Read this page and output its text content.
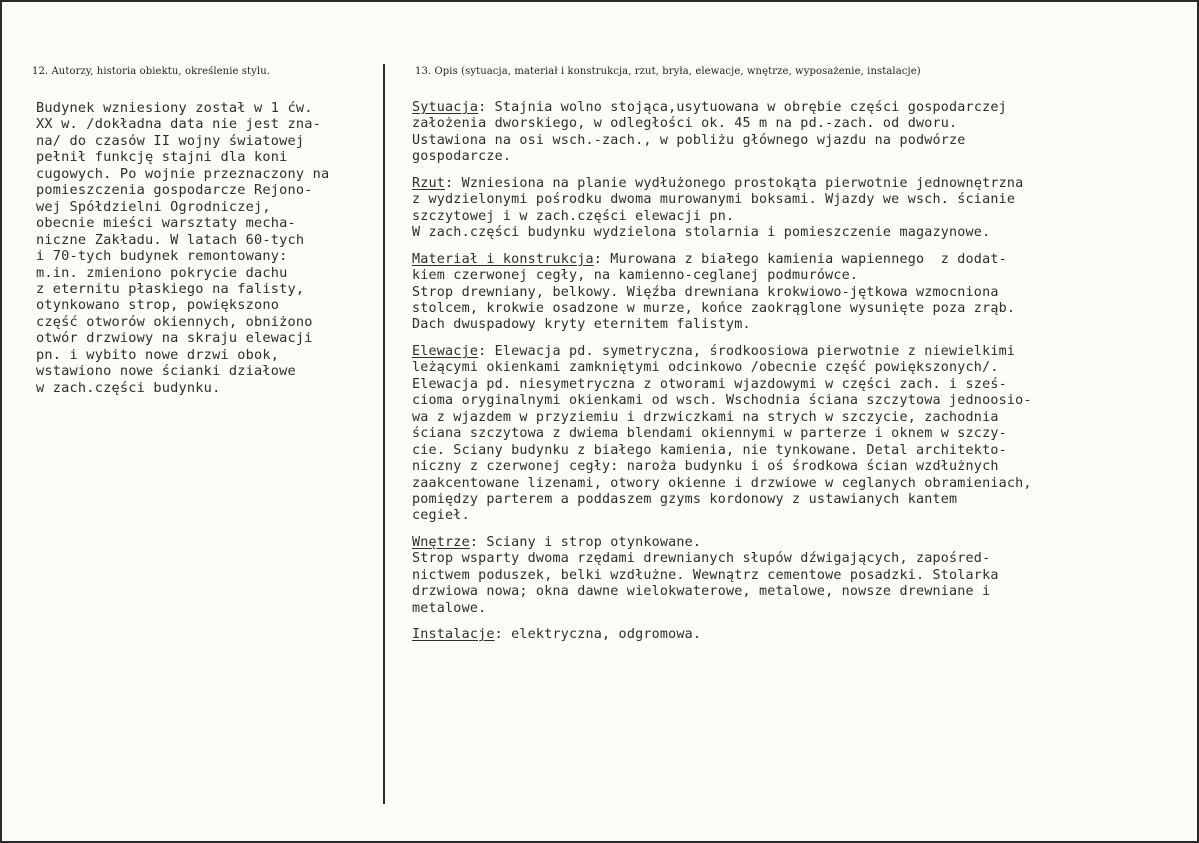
12. Autorzy, historia obiektu, określenie stylu.	13. Opis (sytuacja, materiał i konstrukcja, rzut, bryła, elewacje, wnętrze, wyposażenie, instalacje)
Budynek wzniesiony został w 1 ćw.
XX w. /dokładna data nie jest zna-
na/ do czasów II wojny światowej
pełnił funkcję stajni dla koni
cugowych. Po wojnie przeznaczony na
pomieszczenia gospodarcze Rejono-
wej Spółdzielni Ogrodniczej,
obecnie mieści warsztaty mecha-
niczne Zakładu. W latach 60-tych
i 70-tych budynek remontowany:
m.in. zmieniono pokrycie dachu
z eternitu płaskiego na falisty,
otynkowano strop, powiększono
część otworów okiennych, obniżono
otwór drzwiowy na skraju elewacji
pn. i wybito nowe drzwi obok,
wstawiono nowe ścianki działowe
w zach.części budynku.
Sytuacja: Stajnia wolno stojąca,usytuowana w obrębie części gospodarczej
założenia dworskiego, w odległości ok. 45 m na pd.-zach. od dworu.
Ustawiona na osi wsch.-zach., w pobliżu głównego wjazdu na podwórze
gospodarcze.
Rzut: Wzniesiona na planie wydłużonego prostokąta pierwotnie jednownętrzna
z wydzielonymi pośrodku dwoma murowanymi boksami. Wjazdy we wsch. ścianie
szczytowej i w zach.części elewacji pn.
W zach.części budynku wydzielona stolarnia i pomieszczenie magazynowe.
Materiał i konstrukcja: Murowana z białego kamienia wapiennego  z dodat-
kiem czerwonej cegły, na kamienno-ceglanej podmurówce.
Strop drewniany, belkowy. Więźba drewniana krokwiowo-jętkowa wzmocniona
stolcem, krokwie osadzone w murze, końce zaokrąglone wysunięte poza zrąb.
Dach dwuspadowy kryty eternitem falistym.
Elewacje: Elewacja pd. symetryczna, środkoosiowa pierwotnie z niewielkimi
leżącymi okienkami zamkniętymi odcinkowo /obecnie część powiększonych/.
Elewacja pd. niesymetryczna z otworami wjazdowymi w części zach. i sześ-
cioma oryginalnymi okienkami od wsch. Wschodnia ściana szczytowa jednoosio-
wa z wjazdem w przyziemiu i drzwiczkami na strych w szczycie, zachodnia
ściana szczytowa z dwiema blendami okiennymi w parterze i oknem w szczy-
cie. Sciany budynku z białego kamienia, nie tynkowane. Detal architekto-
niczny z czerwonej cegły: naroża budynku i oś środkowa ścian wzdłużnych
zaakcentowane lizenami, otwory okienne i drzwiowe w ceglanych obramieniach,
pomiędzy parterem a poddaszem gzyms kordonowy z ustawianych kantem
cegieł.
Wnętrze: Sciany i strop otynkowane.
Strop wsparty dwoma rzędami drewnianych słupów dźwigających, zapośred-
nictwem poduszek, belki wzdłużne. Wewnątrz cementowe posadzki. Stolarka
drzwiowa nowa; okna dawne wielokwaterowe, metalowe, nowsze drewniane i
metalowe.
Instalacje: elektryczna, odgromowa.
